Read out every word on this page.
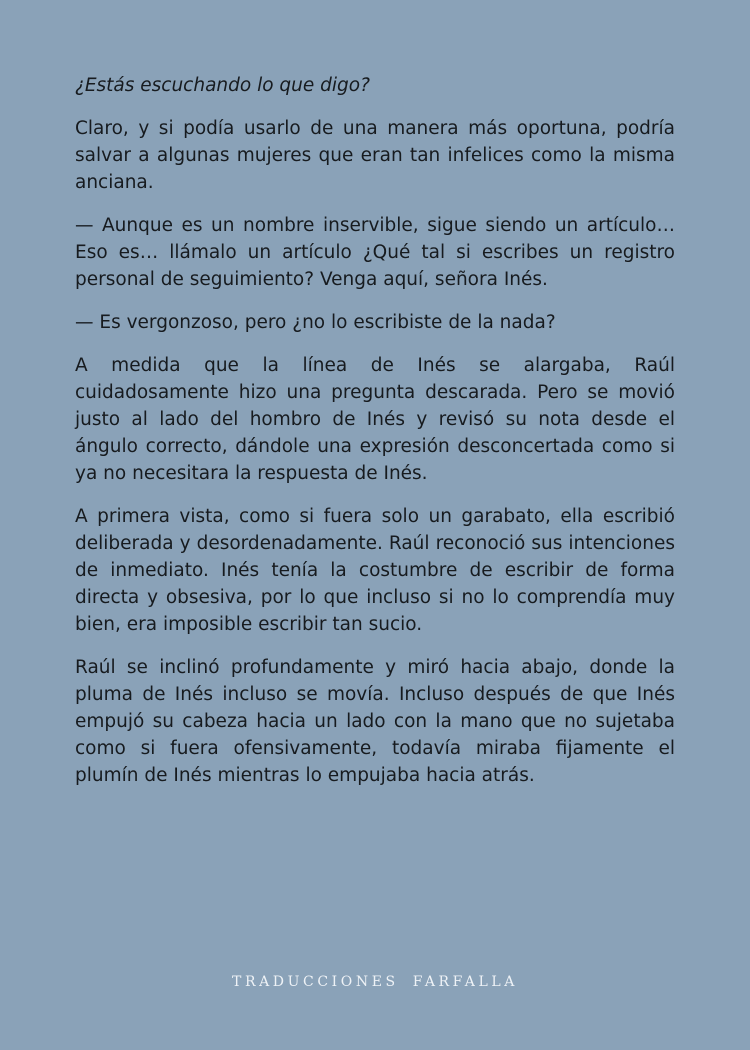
¿Estás escuchando lo que digo?

Claro, y si podía usarlo de una manera más oportuna, podría salvar a algunas mujeres que eran tan infelices como la misma anciana.

— Aunque es un nombre inservible, sigue siendo un artículo… Eso es… llámalo un artículo ¿Qué tal si escribes un registro personal de seguimiento? Venga aquí, señora Inés.

— Es vergonzoso, pero ¿no lo escribiste de la nada?

A medida que la línea de Inés se alargaba, Raúl cuidadosamente hizo una pregunta descarada. Pero se movió justo al lado del hombro de Inés y revisó su nota desde el ángulo correcto, dándole una expresión desconcertada como si ya no necesitara la respuesta de Inés.

A primera vista, como si fuera solo un garabato, ella escribió deliberada y desordenadamente. Raúl reconoció sus intenciones de inmediato. Inés tenía la costumbre de escribir de forma directa y obsesiva, por lo que incluso si no lo comprendía muy bien, era imposible escribir tan sucio.

Raúl se inclinó profundamente y miró hacia abajo, donde la pluma de Inés incluso se movía. Incluso después de que Inés empujó su cabeza hacia un lado con la mano que no sujetaba como si fuera ofensivamente, todavía miraba fijamente el plumín de Inés mientras lo empujaba hacia atrás.

TRADUCCIONES FARFALLA
